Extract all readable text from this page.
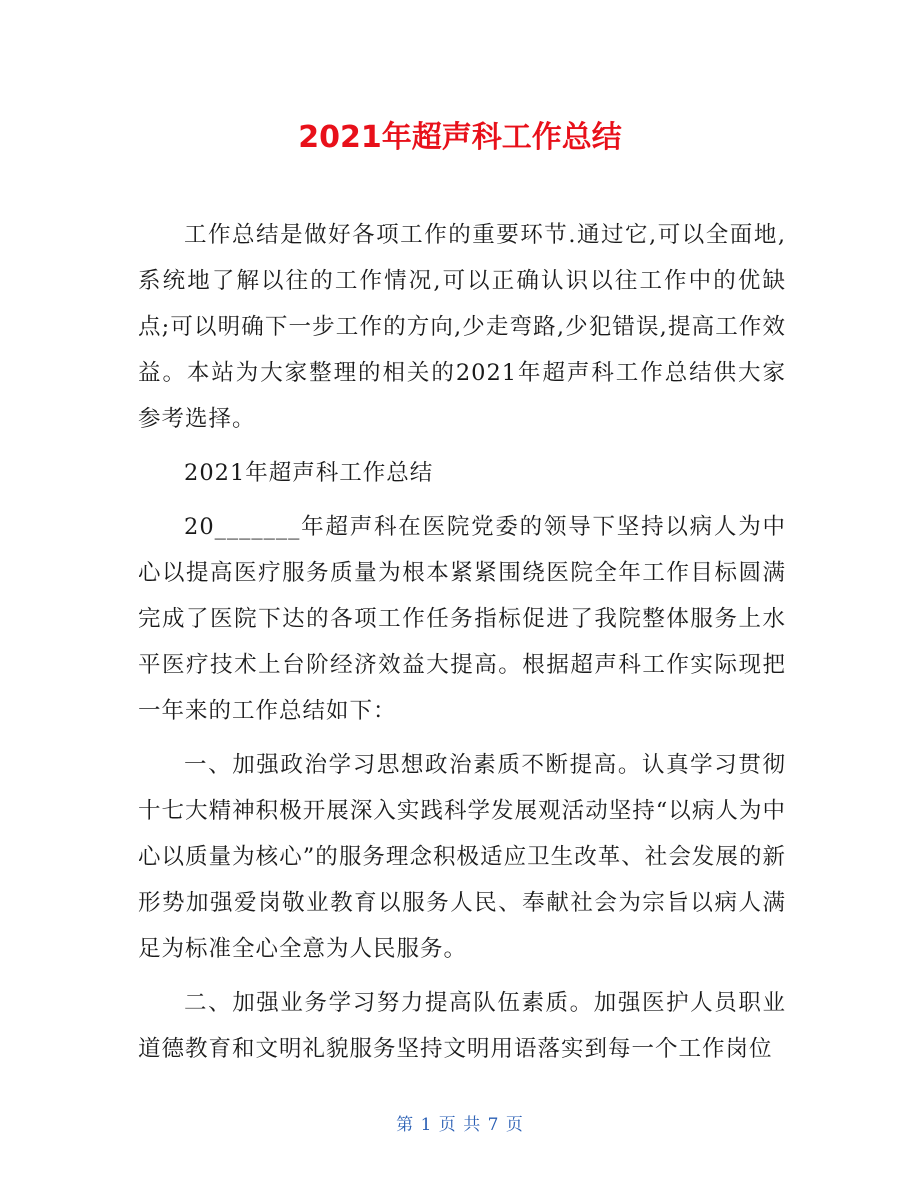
2021年超声科工作总结

工作总结是做好各项工作的重要环节.通过它,可以全面地,系统地了解以往的工作情况,可以正确认识以往工作中的优缺点;可以明确下一步工作的方向,少走弯路,少犯错误,提高工作效益。本站为大家整理的相关的2021年超声科工作总结供大家参考选择。

2021年超声科工作总结

20_______年超声科在医院党委的领导下坚持以病人为中心以提高医疗服务质量为根本紧紧围绕医院全年工作目标圆满完成了医院下达的各项工作任务指标促进了我院整体服务上水平医疗技术上台阶经济效益大提高。根据超声科工作实际现把一年来的工作总结如下：

一、加强政治学习思想政治素质不断提高。认真学习贯彻十七大精神积极开展深入实践科学发展观活动坚持“以病人为中心以质量为核心”的服务理念积极适应卫生改革、社会发展的新形势加强爱岗敬业教育以服务人民、奉献社会为宗旨以病人满足为标准全心全意为人民服务。

二、加强业务学习努力提高队伍素质。加强医护人员职业道德教育和文明礼貌服务坚持文明用语落实到每一个工作岗位

第 1 页 共 7 页
